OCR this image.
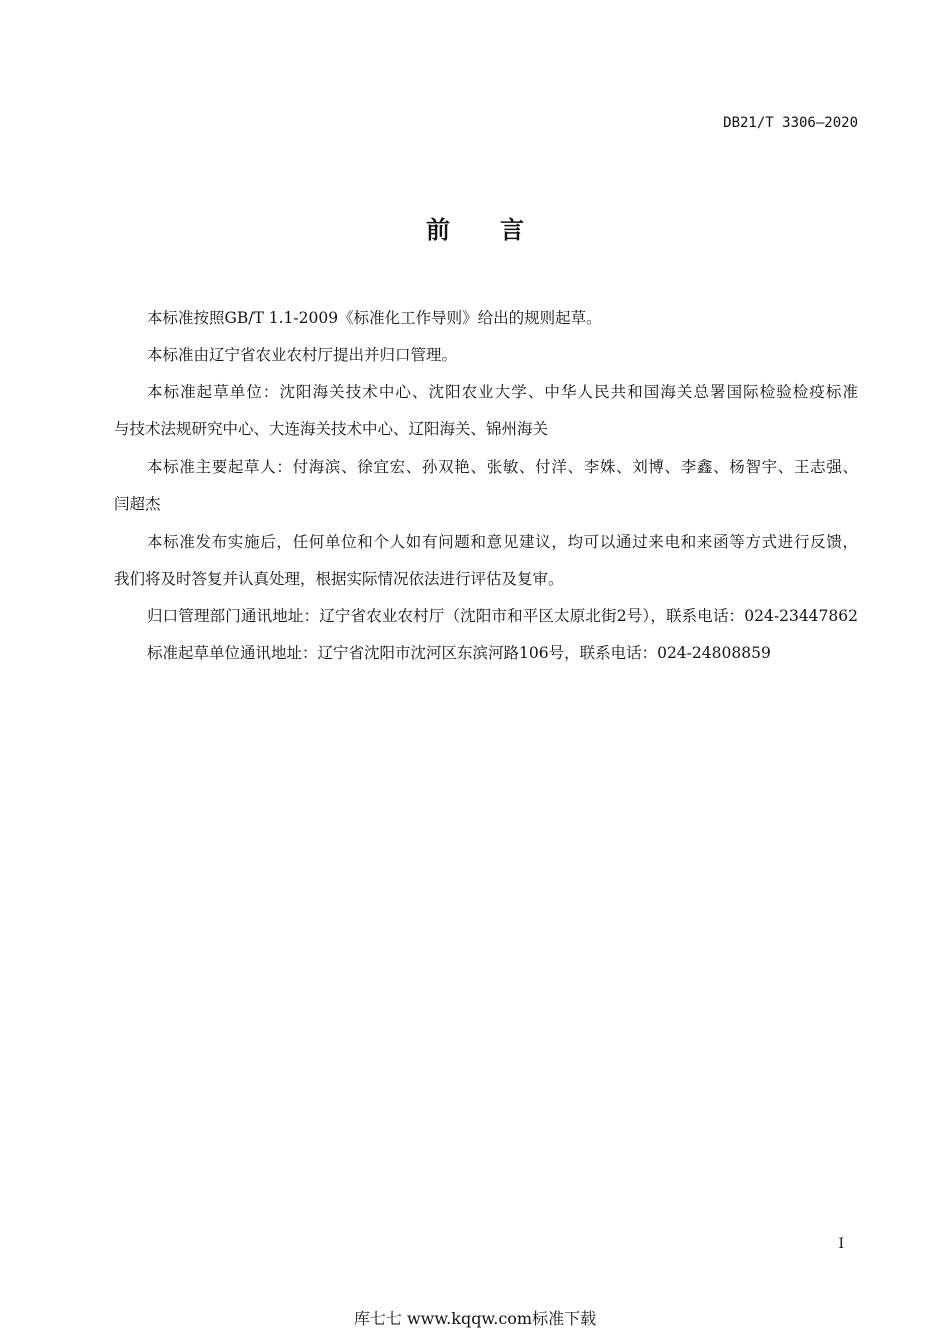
DB21/T 3306—2020
前言
本标准按照GB/T 1.1-2009《标准化工作导则》给出的规则起草。
本标准由辽宁省农业农村厅提出并归口管理。
本标准起草单位：沈阳海关技术中心、沈阳农业大学、中华人民共和国海关总署国际检验检疫标准
与技术法规研究中心、大连海关技术中心、辽阳海关、锦州海关
本标准主要起草人：付海滨、徐宜宏、孙双艳、张敏、付洋、李姝、刘博、李鑫、杨智宇、王志强、
闫超杰
本标准发布实施后，任何单位和个人如有问题和意见建议，均可以通过来电和来函等方式进行反馈，
我们将及时答复并认真处理，根据实际情况依法进行评估及复审。
归口管理部门通讯地址：辽宁省农业农村厅（沈阳市和平区太原北街2号），联系电话：024-23447862
标准起草单位通讯地址：辽宁省沈阳市沈河区东滨河路106号，联系电话：024-24808859
I
库七七 www.kqqw.com标准下载
